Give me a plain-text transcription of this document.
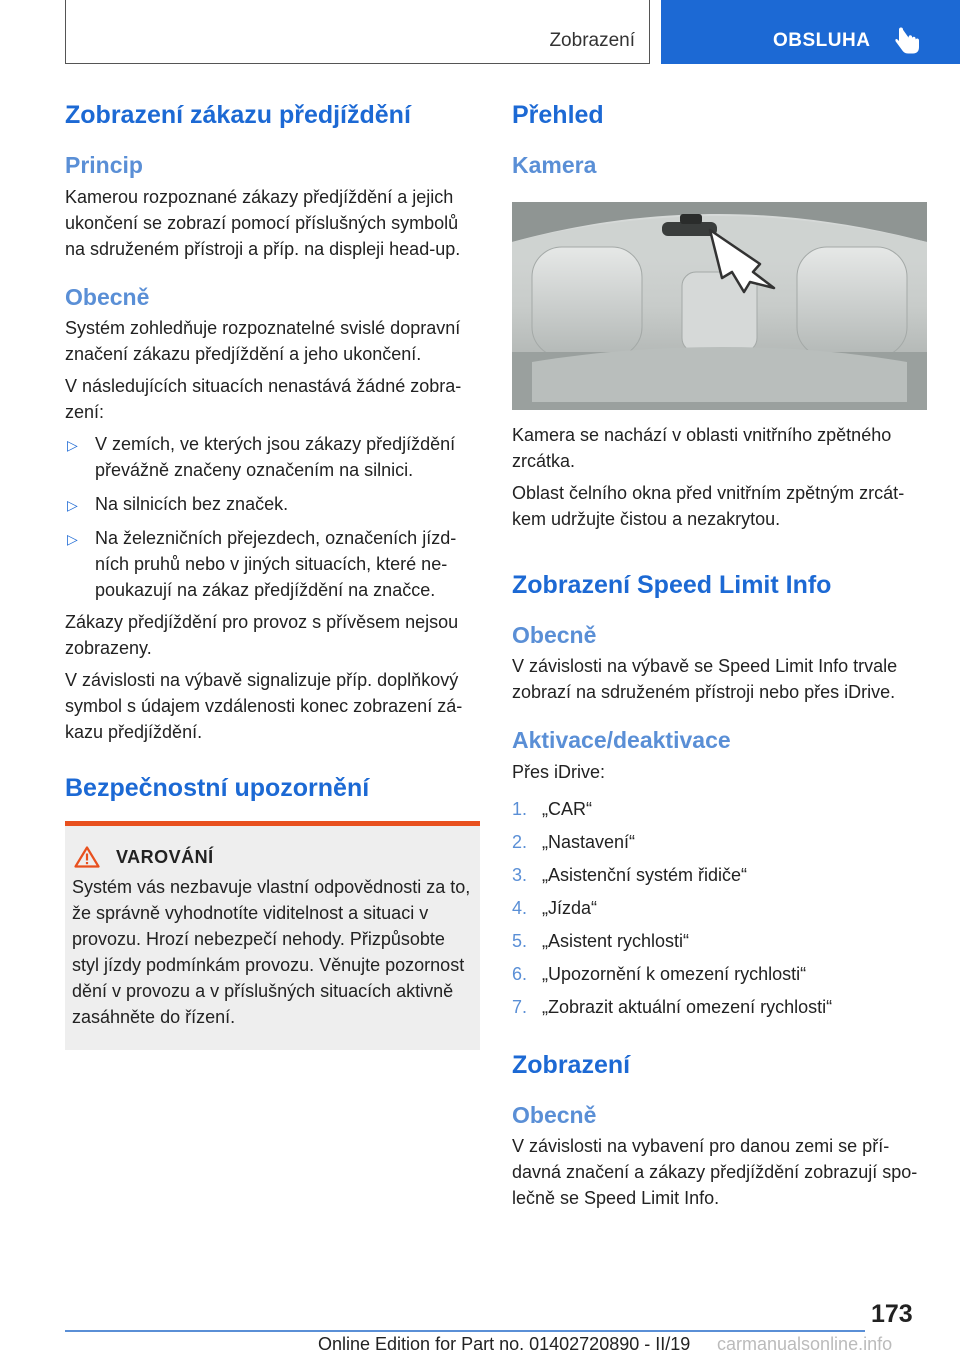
Zobrazení	OBSLUHA
Zobrazení zákazu předjíždění
Princip

Kamerou rozpoznané zákazy předjíždění a jejich ukončení se zobrazí pomocí příslušných symbolů na sdruženém přístroji a příp. na displeji head-up.

Obecně

Systém zohledňuje rozpoznatelné svislé dopravní značení zákazu předjíždění a jeho ukončení.

V následujících situacích nenastává žádné zobrazení:

▷ V zemích, ve kterých jsou zákazy předjíždění převážně značeny označením na silnici.
▷ Na silnicích bez značek.
▷ Na železničních přejezdech, označeních jízdních pruhů nebo v jiných situacích, které nepoukazují na zákaz předjíždění na značce.

Zákazy předjíždění pro provoz s přívěsem nejsou zobrazeny.

V závislosti na výbavě signalizuje příp. doplňkový symbol s údajem vzdálenosti konec zobrazení zákazu předjíždění.

Bezpečnostní upozornění
VAROVÁNÍ

Systém vás nezbavuje vlastní odpovědnosti za to, že správně vyhodnotíte viditelnost a situaci v provozu. Hrozí nebezpečí nehody. Přizpůsobte styl jízdy podmínkám provozu. Věnujte pozornost dění v provozu a v příslušných situacích aktivně zasáhněte do řízení.

Přehled
Kamera

Kamera se nachází v oblasti vnitřního zpětného zrcátka.

Oblast čelního okna před vnitřním zpětným zrcátkem udržujte čistou a nezakrytou.

Zobrazení Speed Limit Info
Obecně

V závislosti na výbavě se Speed Limit Info trvale zobrazí na sdruženém přístroji nebo přes iDrive.

Aktivace/deaktivace

Přes iDrive:

1. „CAR“
2. „Nastavení“
3. „Asistenční systém řidiče“
4. „Jízda“
5. „Asistent rychlosti“
6. „Upozornění k omezení rychlosti“
7. „Zobrazit aktuální omezení rychlosti“
Zobrazení
Obecně

V závislosti na vybavení pro danou zemi se přídavná značení a zákazy předjíždění zobrazují společně se Speed Limit Info.

173
Online Edition for Part no. 01402720890 - II/19 carmanualsonline.info
